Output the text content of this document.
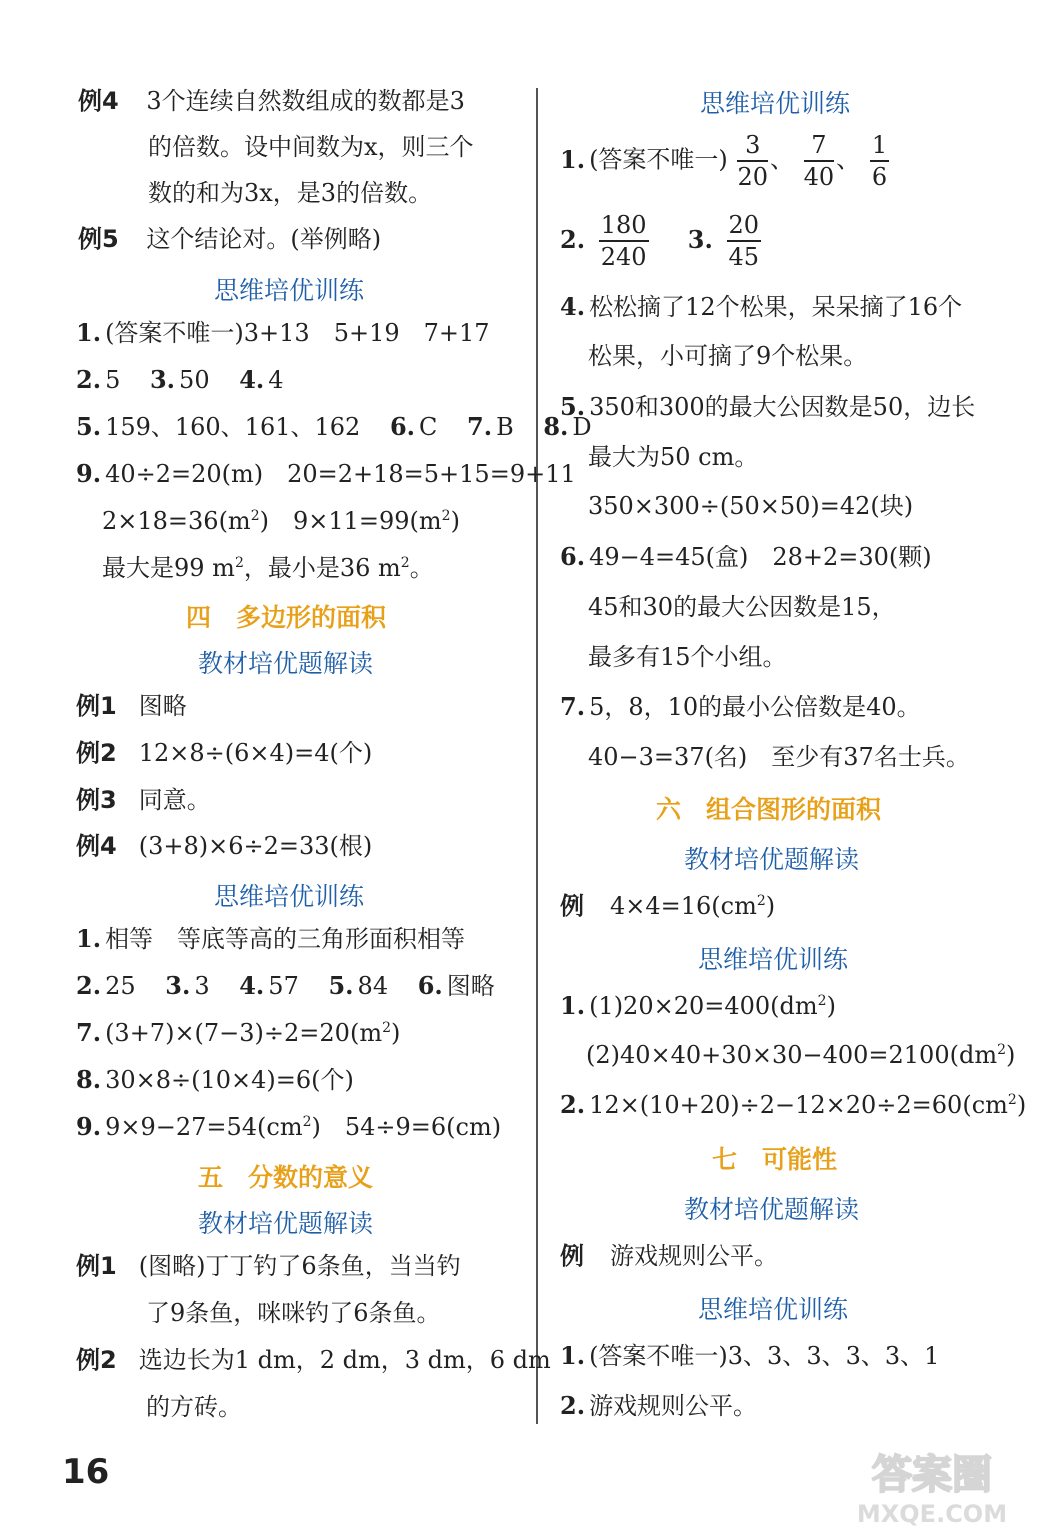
例4 3个连续自然数组成的数都是3
的倍数。设中间数为x，则三个
数的和为3x，是3的倍数。
例5 这个结论对。(举例略)
思维培优训练
1. (答案不唯一)3+13　5+19　7+17
2. 5 3. 50 4. 4
5. 159、160、161、162 6. C 7. B 8. D
9. 40÷2=20(m)　20=2+18=5+15=9+11
$2\times 18=36(m^2)$　$9\times 11=99(m^2)$
最大是99 $m^2$，最小是36 $m^2$。
四　多边形的面积
教材培优题解读
例1 图略
例2 12×8÷(6×4)=4(个)
例3 同意。
例4 (3+8)×6÷2=33(根)
思维培优训练
1. 相等　等底等高的三角形面积相等
2. 25 3. 3 4. 57 5. 84 6. 图略
7. $(3+7)\times(7-3)\div 2=20(m^2)$
8. 30×8÷(10×4)=6(个)
9. $9\times 9-27=54(cm^2)$　54÷9=6(cm)
五　分数的意义
教材培优题解读
例1 (图略)丁丁钓了6条鱼，当当钓
了9条鱼，咪咪钓了6条鱼。
例2 选边长为1 dm，2 dm，3 dm，6 dm
的方砖。
思维培优训练
1. (答案不唯一) $\frac{3}{20}$ 、 $\frac{7}{40}$ 、 $\frac{1}{6}$
2. $\frac{180}{240} 3$. $\frac{20}{45}$
4. 松松摘了12个松果，呆呆摘了16个
松果，小可摘了9个松果。
5. 350和300的最大公因数是50，边长
最大为50 cm。
350×300÷(50×50)=42(块)
6. 49−4=45(盒)　28+2=30(颗)
45和30的最大公因数是15，
最多有15个小组。
7. 5，8，10的最小公倍数是40。
40−3=37(名)　至少有37名士兵。
六　组合图形的面积
教材培优题解读
例 $4\times 4=16(cm^2)$
思维培优训练
1. $(1)20\times 20=400(dm^2)$
$(2)40\times 40+30\times 30-400=2100(dm^2)$
2. $12\times(10+20)\div 2-12\times 20\div 2=60(cm^2)$
七　可能性
教材培优题解读
例 游戏规则公平。
思维培优训练
1. (答案不唯一)3、3、3、3、3、1
2. 游戏规则公平。
16	答案圈
MXQE.COM
